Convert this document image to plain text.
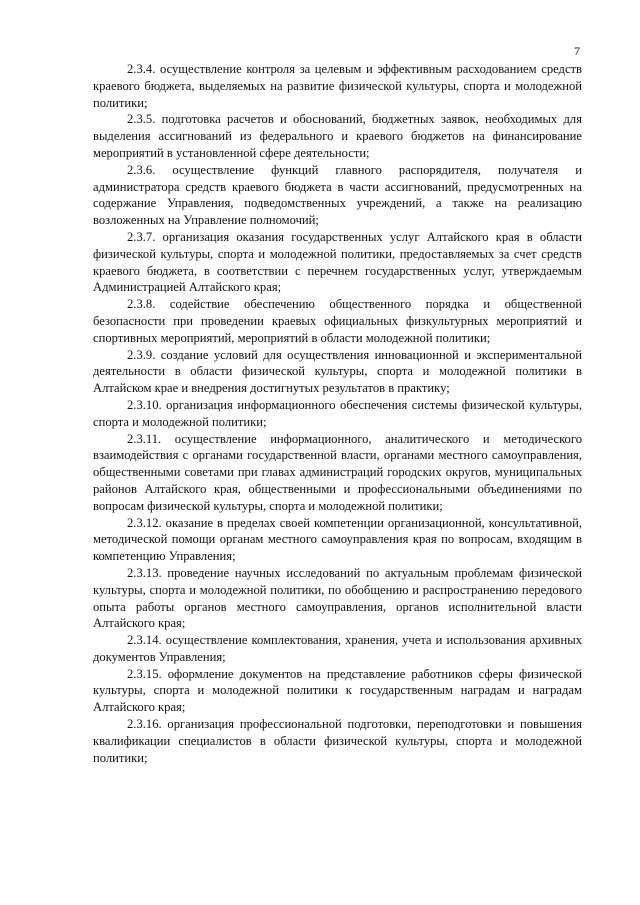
7

2.3.4. осуществление контроля за целевым и эффективным расходованием средств краевого бюджета, выделяемых на развитие физической культуры, спорта и молодежной политики;

2.3.5. подготовка расчетов и обоснований, бюджетных заявок, необходимых для выделения ассигнований из федерального и краевого бюджетов на финансирование мероприятий в установленной сфере деятельности;

2.3.6. осуществление функций главного распорядителя, получателя и администратора средств краевого бюджета в части ассигнований, предусмотренных на содержание Управления, подведомственных учреждений, а также на реализацию возложенных на Управление полномочий;

2.3.7. организация оказания государственных услуг Алтайского края в области физической культуры, спорта и молодежной политики, предоставляемых за счет средств краевого бюджета, в соответствии с перечнем государственных услуг, утверждаемым Администрацией Алтайского края;

2.3.8. содействие обеспечению общественного порядка и общественной безопасности при проведении краевых официальных физкультурных мероприятий и спортивных мероприятий, мероприятий в области молодежной политики;

2.3.9. создание условий для осуществления инновационной и экспериментальной деятельности в области физической культуры, спорта и молодежной политики в Алтайском крае и внедрения достигнутых результатов в практику;

2.3.10. организация информационного обеспечения системы физической культуры, спорта и молодежной политики;

2.3.11. осуществление информационного, аналитического и методического взаимодействия с органами государственной власти, органами местного самоуправления, общественными советами при главах администраций городских округов, муниципальных районов Алтайского края, общественными и профессиональными объединениями по вопросам физической культуры, спорта и молодежной политики;

2.3.12. оказание в пределах своей компетенции организационной, консультативной, методической помощи органам местного самоуправления края по вопросам, входящим в компетенцию Управления;

2.3.13. проведение научных исследований по актуальным проблемам физической культуры, спорта и молодежной политики, по обобщению и распространению передового опыта работы органов местного самоуправления, органов исполнительной власти Алтайского края;

2.3.14. осуществление комплектования, хранения, учета и использования архивных документов Управления;

2.3.15. оформление документов на представление работников сферы физической культуры, спорта и молодежной политики к государственным наградам и наградам Алтайского края;

2.3.16. организация профессиональной подготовки, переподготовки и повышения квалификации специалистов в области физической культуры, спорта и молодежной политики;
